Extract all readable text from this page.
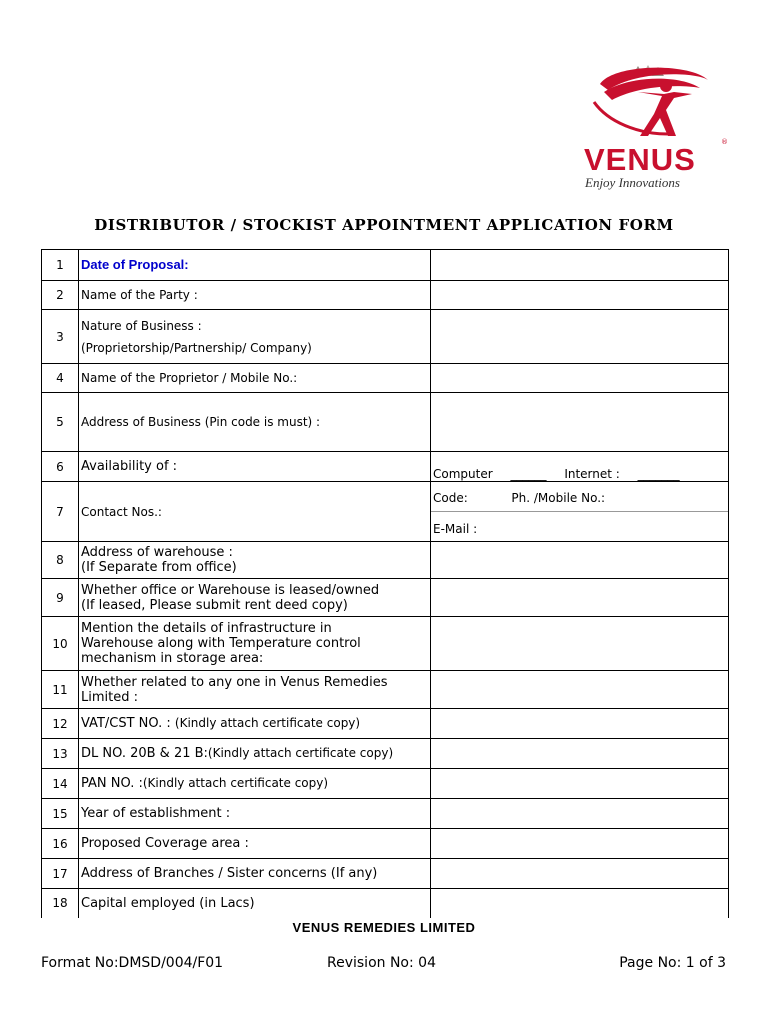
VENUS	®
Enjoy Innovations
DISTRIBUTOR / STOCKIST APPOINTMENT APPLICATION FORM
1	Date of Proposal:	
2	Name of the Party :	
3	Nature of Business :
(Proprietorship/Partnership/ Company)	

4	Name of the Proprietor / Mobile No.:	
5	Address of Business (Pin code is must) :	
6	Availability of :	Computer ______ Internet : _______

7	Contact Nos.:	Code: Ph. /Mobile No.:
E-Mail :

8	Address of warehouse :
(If Separate from office)	

9	Whether office or Warehouse is leased/owned
(If leased, Please submit rent deed copy)	

10	Mention the details of infrastructure in
Warehouse along with Temperature control
mechanism in storage area:	

11	Whether related to any one in Venus Remedies
Limited :	

12	VAT/CST NO. : (Kindly attach certificate copy)	
13	DL NO. 20B & 21 B:(Kindly attach certificate copy)	
14	PAN NO. :(Kindly attach certificate copy)	
15	Year of establishment :	
16	Proposed Coverage area :	
17	Address of Branches / Sister concerns (If any)	
18	Capital employed (in Lacs)	
VENUS REMEDIES LIMITED
Format No:DMSD/004/F01	Revision No: 04	Page No: 1 of 3
